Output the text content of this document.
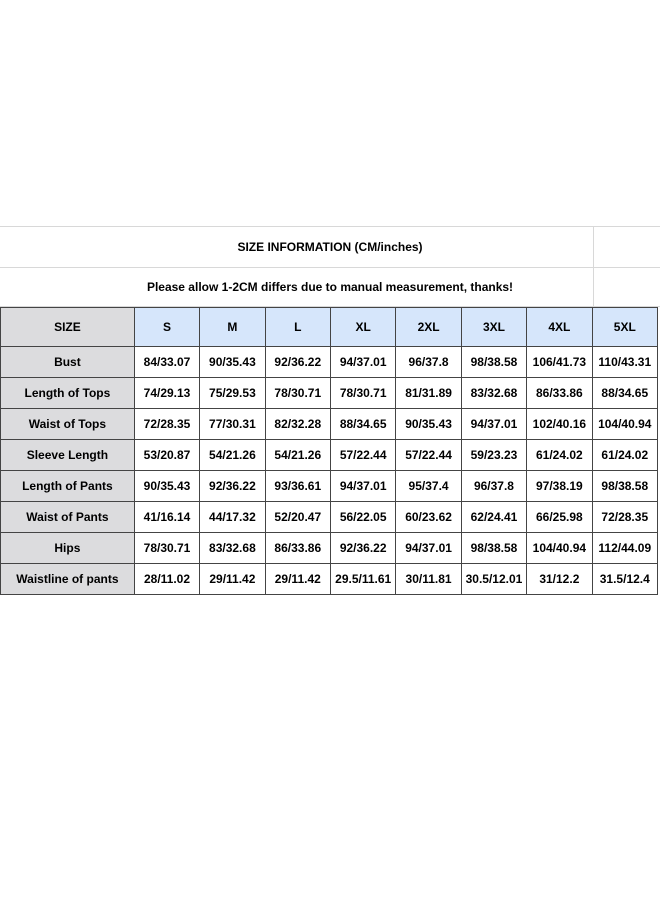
SIZE INFORMATION (CM/inches)
Please allow 1-2CM differs due to manual measurement, thanks!
SIZE	S	M	L	XL	2XL	3XL	4XL	5XL
Bust	84/33.07	90/35.43	92/36.22	94/37.01	96/37.8	98/38.58	106/41.73	110/43.31
Length of Tops	74/29.13	75/29.53	78/30.71	78/30.71	81/31.89	83/32.68	86/33.86	88/34.65
Waist of Tops	72/28.35	77/30.31	82/32.28	88/34.65	90/35.43	94/37.01	102/40.16	104/40.94
Sleeve Length	53/20.87	54/21.26	54/21.26	57/22.44	57/22.44	59/23.23	61/24.02	61/24.02
Length of Pants	90/35.43	92/36.22	93/36.61	94/37.01	95/37.4	96/37.8	97/38.19	98/38.58
Waist of Pants	41/16.14	44/17.32	52/20.47	56/22.05	60/23.62	62/24.41	66/25.98	72/28.35
Hips	78/30.71	83/32.68	86/33.86	92/36.22	94/37.01	98/38.58	104/40.94	112/44.09
Waistline of pants	28/11.02	29/11.42	29/11.42	29.5/11.61	30/11.81	30.5/12.01	31/12.2	31.5/12.4
